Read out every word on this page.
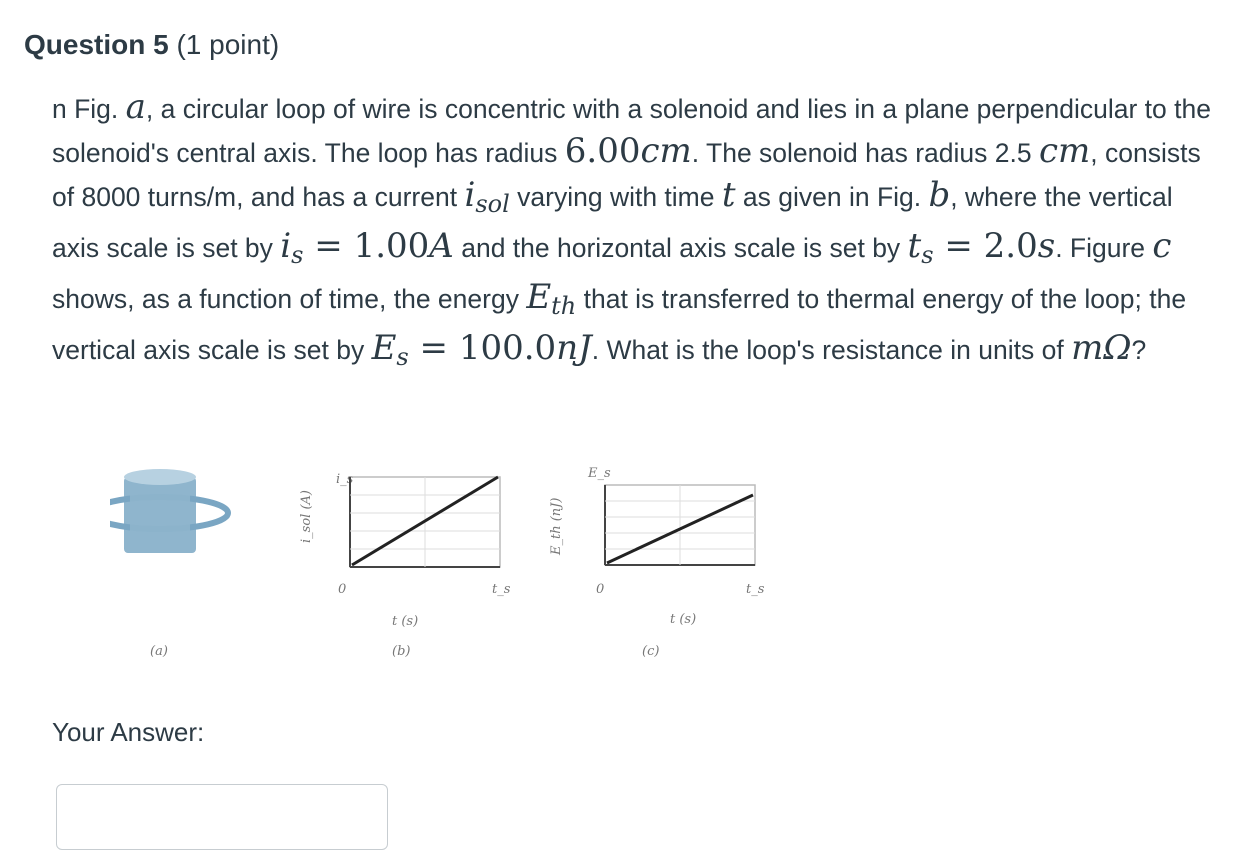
Question 5 (1 point)
n Fig. a, a circular loop of wire is concentric with a solenoid and lies in a plane perpendicular to the solenoid's central axis. The loop has radius 6.00cm. The solenoid has radius 2.5 cm, consists of 8000 turns/m, and has a current $i_{sol}$ varying with time t as given in Fig. b, where the vertical axis scale is set by $i_s = 1.00A$ and the horizontal axis scale is set by $t_s = 2.0s$. Figure c shows, as a function of time, the energy $E_{th}$ that is transferred to thermal energy of the loop; the vertical axis scale is set by $E_s = 100.0nJ$. What is the loop's resistance in units of mΩ?
(a)
i_sol (A)
i_s
0	t_s
t (s)
(b)
E_th (nJ)
E_s
0	t_s
t (s)
(c)
Your Answer:
